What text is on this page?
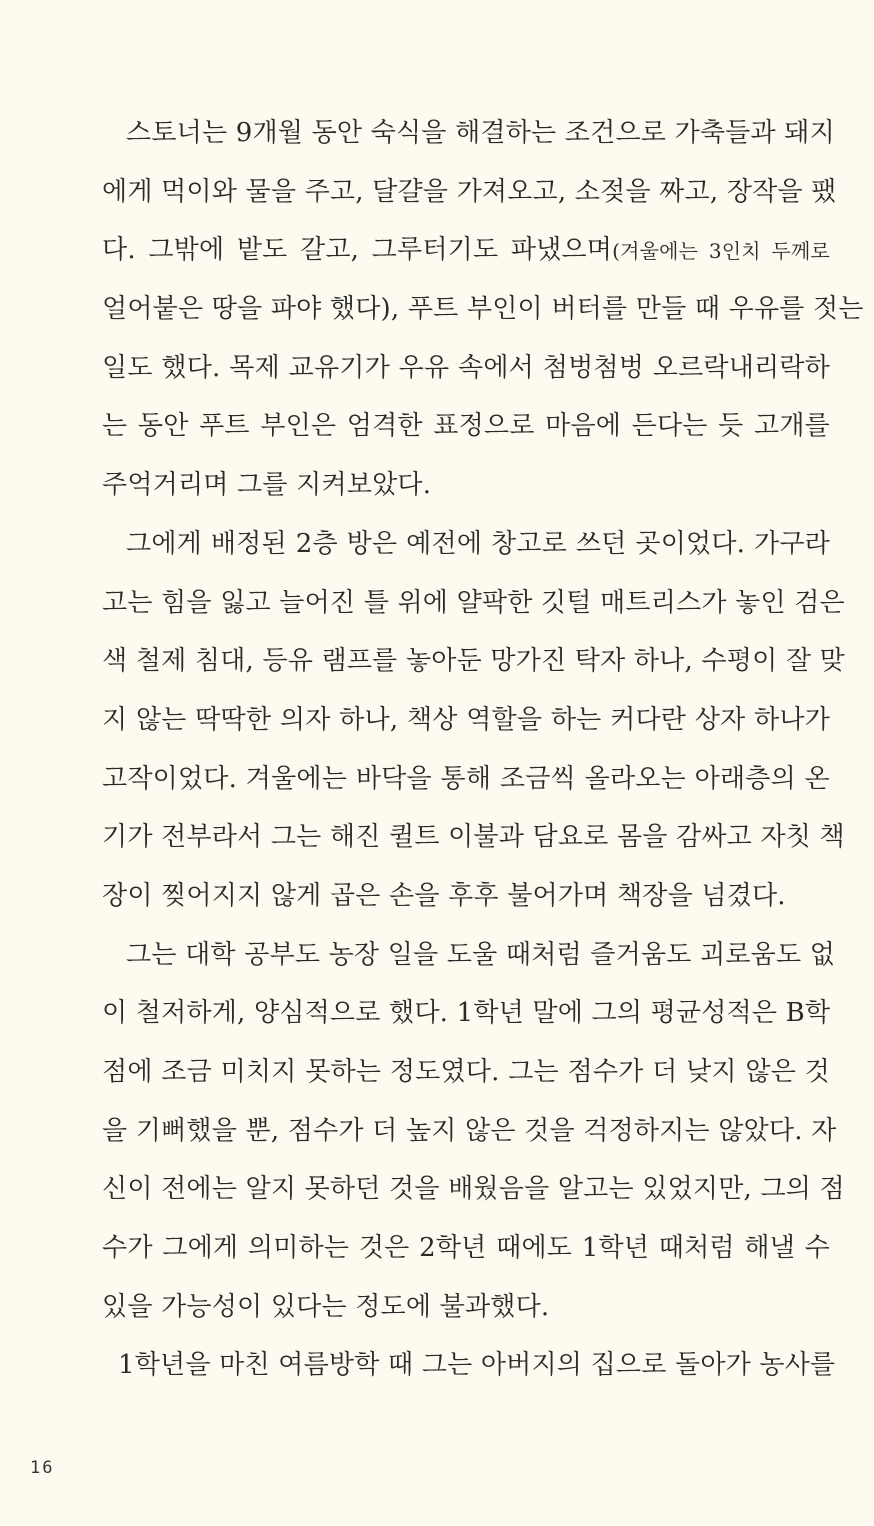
스토너는 9개월 동안 숙식을 해결하는 조건으로 가축들과 돼지
에게 먹이와 물을 주고, 달걀을 가져오고, 소젖을 짜고, 장작을 팼
다. 그밖에 밭도 갈고, 그루터기도 파냈으며(겨울에는 3인치 두께로
얼어붙은 땅을 파야 했다), 푸트 부인이 버터를 만들 때 우유를 젓는
일도 했다. 목제 교유기가 우유 속에서 첨벙첨벙 오르락내리락하
는 동안 푸트 부인은 엄격한 표정으로 마음에 든다는 듯 고개를
주억거리며 그를 지켜보았다.
그에게 배정된 2층 방은 예전에 창고로 쓰던 곳이었다. 가구라
고는 힘을 잃고 늘어진 틀 위에 얄팍한 깃털 매트리스가 놓인 검은
색 철제 침대, 등유 램프를 놓아둔 망가진 탁자 하나, 수평이 잘 맞
지 않는 딱딱한 의자 하나, 책상 역할을 하는 커다란 상자 하나가
고작이었다. 겨울에는 바닥을 통해 조금씩 올라오는 아래층의 온
기가 전부라서 그는 해진 퀼트 이불과 담요로 몸을 감싸고 자칫 책
장이 찢어지지 않게 곱은 손을 후후 불어가며 책장을 넘겼다.
그는 대학 공부도 농장 일을 도울 때처럼 즐거움도 괴로움도 없
이 철저하게, 양심적으로 했다. 1학년 말에 그의 평균성적은 B학
점에 조금 미치지 못하는 정도였다. 그는 점수가 더 낮지 않은 것
을 기뻐했을 뿐, 점수가 더 높지 않은 것을 걱정하지는 않았다. 자
신이 전에는 알지 못하던 것을 배웠음을 알고는 있었지만, 그의 점
수가 그에게 의미하는 것은 2학년 때에도 1학년 때처럼 해낼 수
있을 가능성이 있다는 정도에 불과했다.
1학년을 마친 여름방학 때 그는 아버지의 집으로 돌아가 농사를
16
